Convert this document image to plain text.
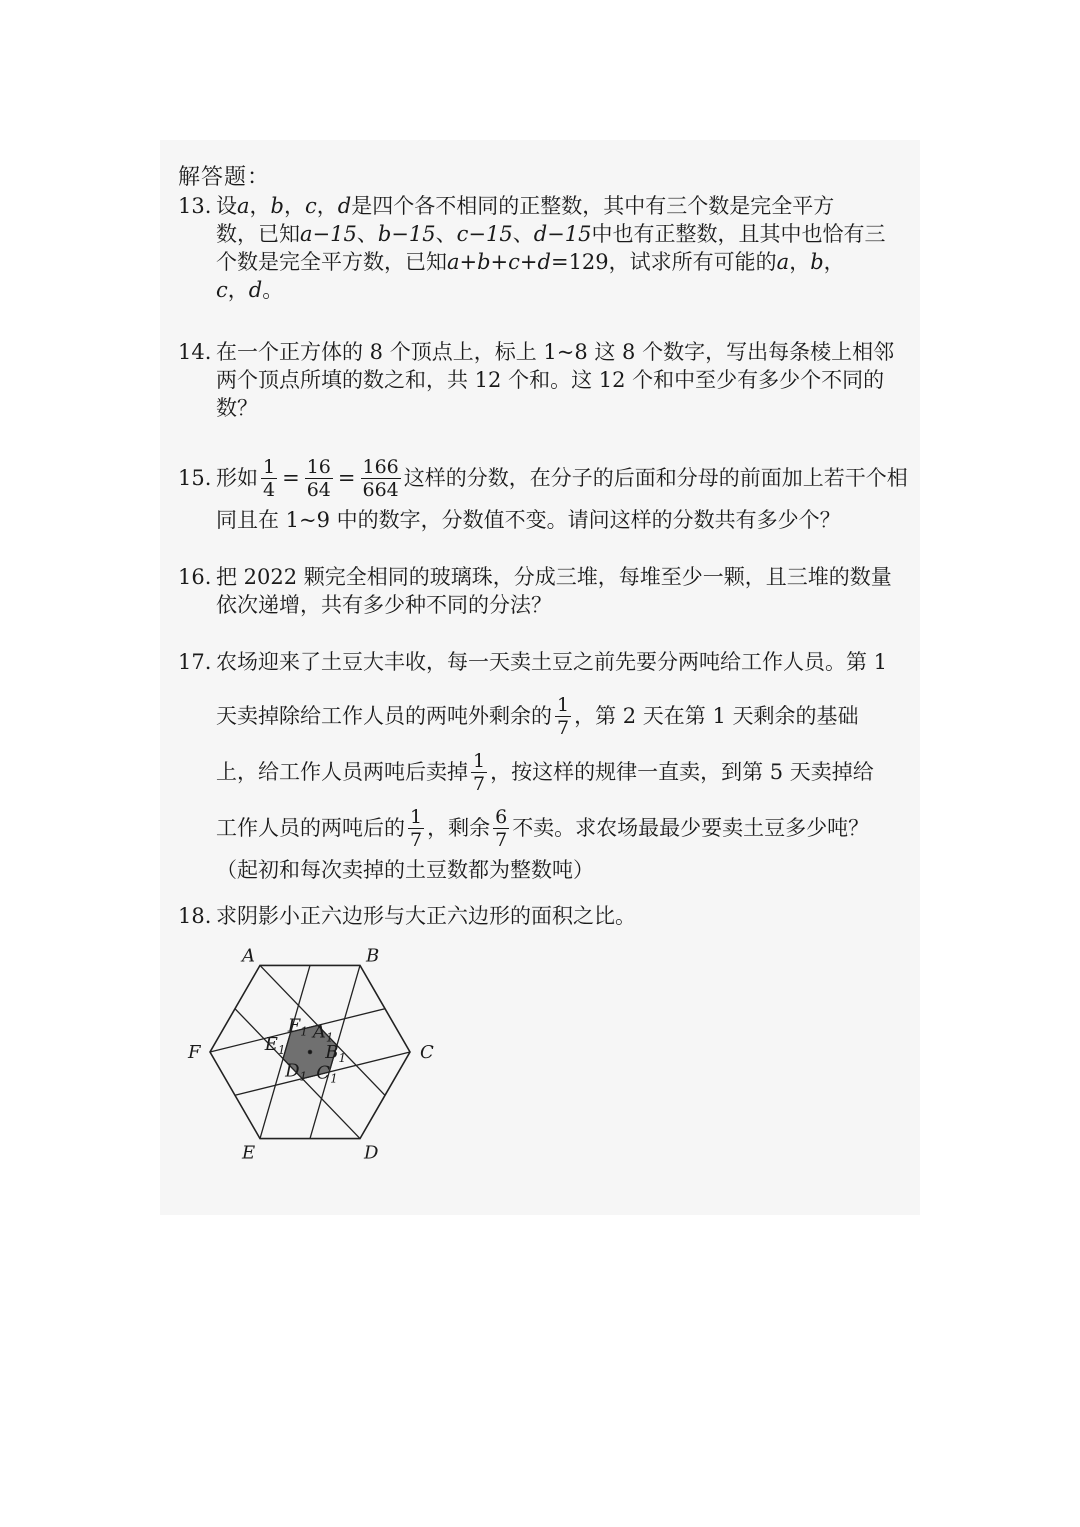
解答题：
13. 设a，b，c，d是四个各不相同的正整数，其中有三个数是完全平方
数，已知a−15、b−15、c−15、d−15中也有正整数，且其中也恰有三
个数是完全平方数，已知a+b+c+d=129，试求所有可能的a，b，
c，d。
14. 在一个正方体的 8 个顶点上，标上 1~8 这 8 个数字，写出每条棱上相邻
两个顶点所填的数之和，共 12 个和。这 12 个和中至少有多少个不同的
数？
15. 形如 $\frac{1}{4} = \frac{16}{64} = \frac{166}{664}$ 这样的分数，在分子的后面和分母的前面加上若干个相
同且在 1~9 中的数字，分数值不变。请问这样的分数共有多少个？
16. 把 2022 颗完全相同的玻璃珠，分成三堆，每堆至少一颗，且三堆的数量
依次递增，共有多少种不同的分法？
17. 农场迎来了土豆大丰收，每一天卖土豆之前先要分两吨给工作人员。第 1
天卖掉除给工作人员的两吨外剩余的 $\frac{1}{7}$ ，第 2 天在第 1 天剩余的基础
上，给工作人员两吨后卖掉 $\frac{1}{7}$ ，按这样的规律一直卖，到第 5 天卖掉给
工作人员的两吨后的 $\frac{1}{7}$ ，剩余 $\frac{6}{7}$ 不卖。求农场最最少要卖土豆多少吨？
（起初和每次卖掉的土豆数都为整数吨）
18. 求阴影小正六边形与大正六边形的面积之比。
A	B
C
D
E
F
$A_1$
$B_1$
$C_1$
$D_1$
$E_1$
$F_1$
